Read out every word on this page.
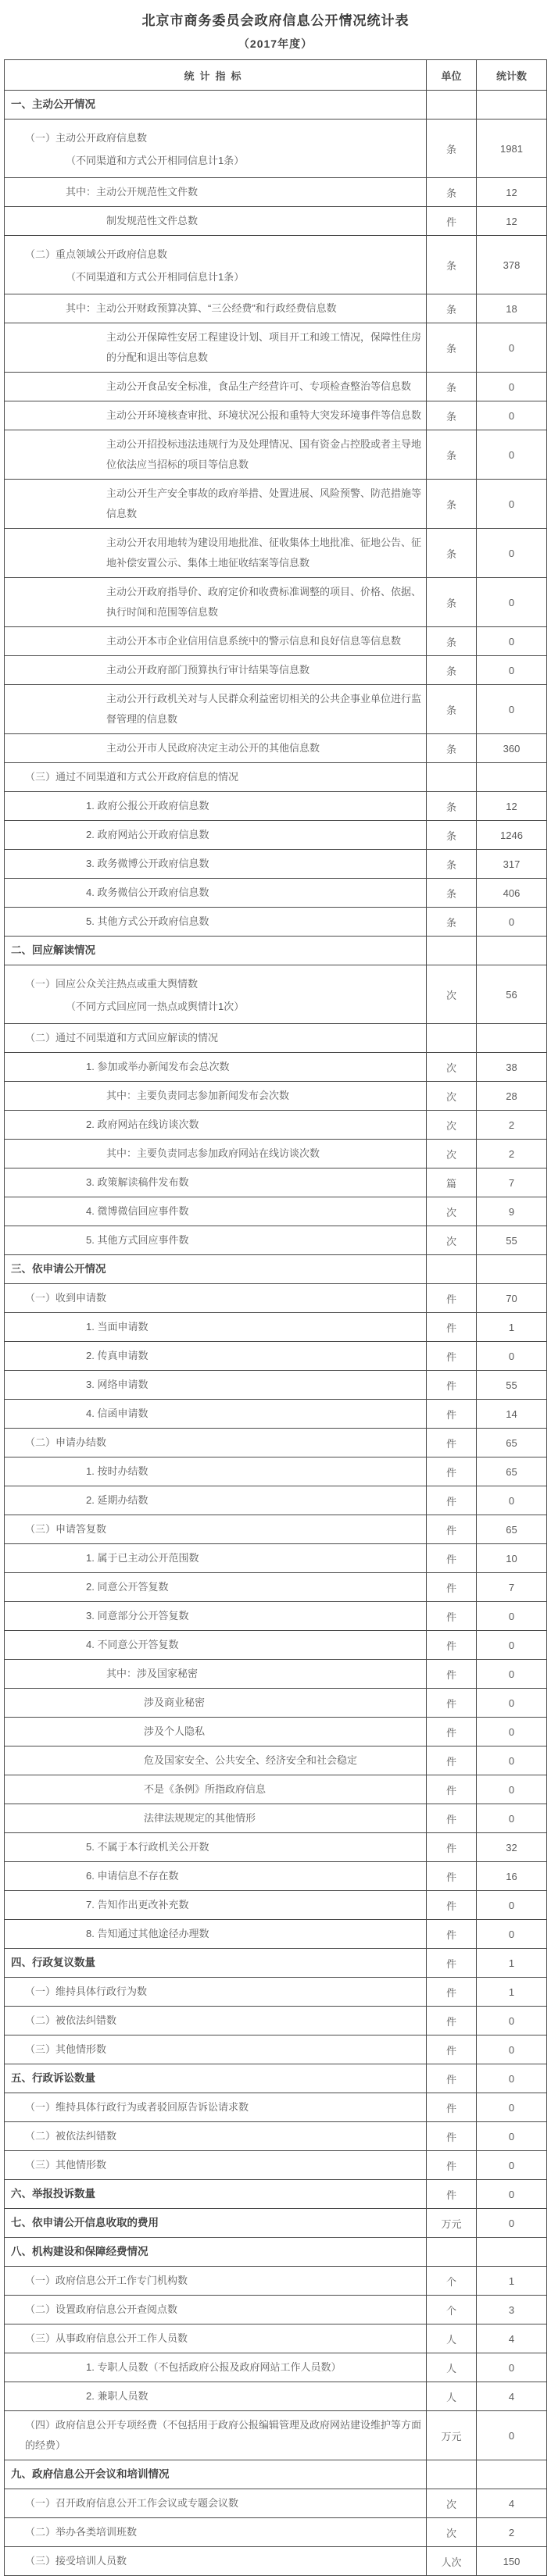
北京市商务委员会政府信息公开情况统计表
（2017年度）
统计指标	单位	统计数

一、主动公开情况		

（一）主动公开政府信息数
（不同渠道和方式公开相同信息计1条）	条	1981

其中：主动公开规范性文件数	条	12

制发规范性文件总数	件	12

（二）重点领域公开政府信息数
（不同渠道和方式公开相同信息计1条）	条	378

其中：主动公开财政预算决算、“三公经费”和行政经费信息数	条	18

主动公开保障性安居工程建设计划、项目开工和竣工情况，保障性住房的分配和退出等信息数	条	0

主动公开食品安全标准，食品生产经营许可、专项检查整治等信息数	条	0

主动公开环境核查审批、环境状况公报和重特大突发环境事件等信息数	条	0

主动公开招投标违法违规行为及处理情况、国有资金占控股或者主导地位依法应当招标的项目等信息数	条	0

主动公开生产安全事故的政府举措、处置进展、风险预警、防范措施等信息数	条	0

主动公开农用地转为建设用地批准、征收集体土地批准、征地公告、征地补偿安置公示、集体土地征收结案等信息数	条	0

主动公开政府指导价、政府定价和收费标准调整的项目、价格、依据、执行时间和范围等信息数	条	0

主动公开本市企业信用信息系统中的警示信息和良好信息等信息数	条	0

主动公开政府部门预算执行审计结果等信息数	条	0

主动公开行政机关对与人民群众利益密切相关的公共企事业单位进行监督管理的信息数	条	0

主动公开市人民政府决定主动公开的其他信息数	条	360

（三）通过不同渠道和方式公开政府信息的情况		

1. 政府公报公开政府信息数	条	12

2. 政府网站公开政府信息数	条	1246

3. 政务微博公开政府信息数	条	317

4. 政务微信公开政府信息数	条	406

5. 其他方式公开政府信息数	条	0

二、回应解读情况		

（一）回应公众关注热点或重大舆情数
（不同方式回应同一热点或舆情计1次）	次	56

（二）通过不同渠道和方式回应解读的情况		

1. 参加或举办新闻发布会总次数	次	38

其中：主要负责同志参加新闻发布会次数	次	28

2. 政府网站在线访谈次数	次	2

其中：主要负责同志参加政府网站在线访谈次数	次	2

3. 政策解读稿件发布数	篇	7

4. 微博微信回应事件数	次	9

5. 其他方式回应事件数	次	55

三、依申请公开情况		

（一）收到申请数	件	70

1. 当面申请数	件	1

2. 传真申请数	件	0

3. 网络申请数	件	55

4. 信函申请数	件	14

（二）申请办结数	件	65

1. 按时办结数	件	65

2. 延期办结数	件	0

（三）申请答复数	件	65

1. 属于已主动公开范围数	件	10

2. 同意公开答复数	件	7

3. 同意部分公开答复数	件	0

4. 不同意公开答复数	件	0

其中：涉及国家秘密	件	0

涉及商业秘密	件	0

涉及个人隐私	件	0

危及国家安全、公共安全、经济安全和社会稳定	件	0

不是《条例》所指政府信息	件	0

法律法规规定的其他情形	件	0

5. 不属于本行政机关公开数	件	32

6. 申请信息不存在数	件	16

7. 告知作出更改补充数	件	0

8. 告知通过其他途径办理数	件	0

四、行政复议数量	件	1

（一）维持具体行政行为数	件	1

（二）被依法纠错数	件	0

（三）其他情形数	件	0

五、行政诉讼数量	件	0

（一）维持具体行政行为或者驳回原告诉讼请求数	件	0

（二）被依法纠错数	件	0

（三）其他情形数	件	0

六、举报投诉数量	件	0

七、依申请公开信息收取的费用	万元	0

八、机构建设和保障经费情况		

（一）政府信息公开工作专门机构数	个	1

（二）设置政府信息公开查阅点数	个	3

（三）从事政府信息公开工作人员数	人	4

1. 专职人员数（不包括政府公报及政府网站工作人员数）	人	0

2. 兼职人员数	人	4

（四）政府信息公开专项经费（不包括用于政府公报编辑管理及政府网站建设维护等方面的经费）	万元	0

九、政府信息公开会议和培训情况		

（一）召开政府信息公开工作会议或专题会议数	次	4

（二）举办各类培训班数	次	2

（三）接受培训人员数	人次	150
